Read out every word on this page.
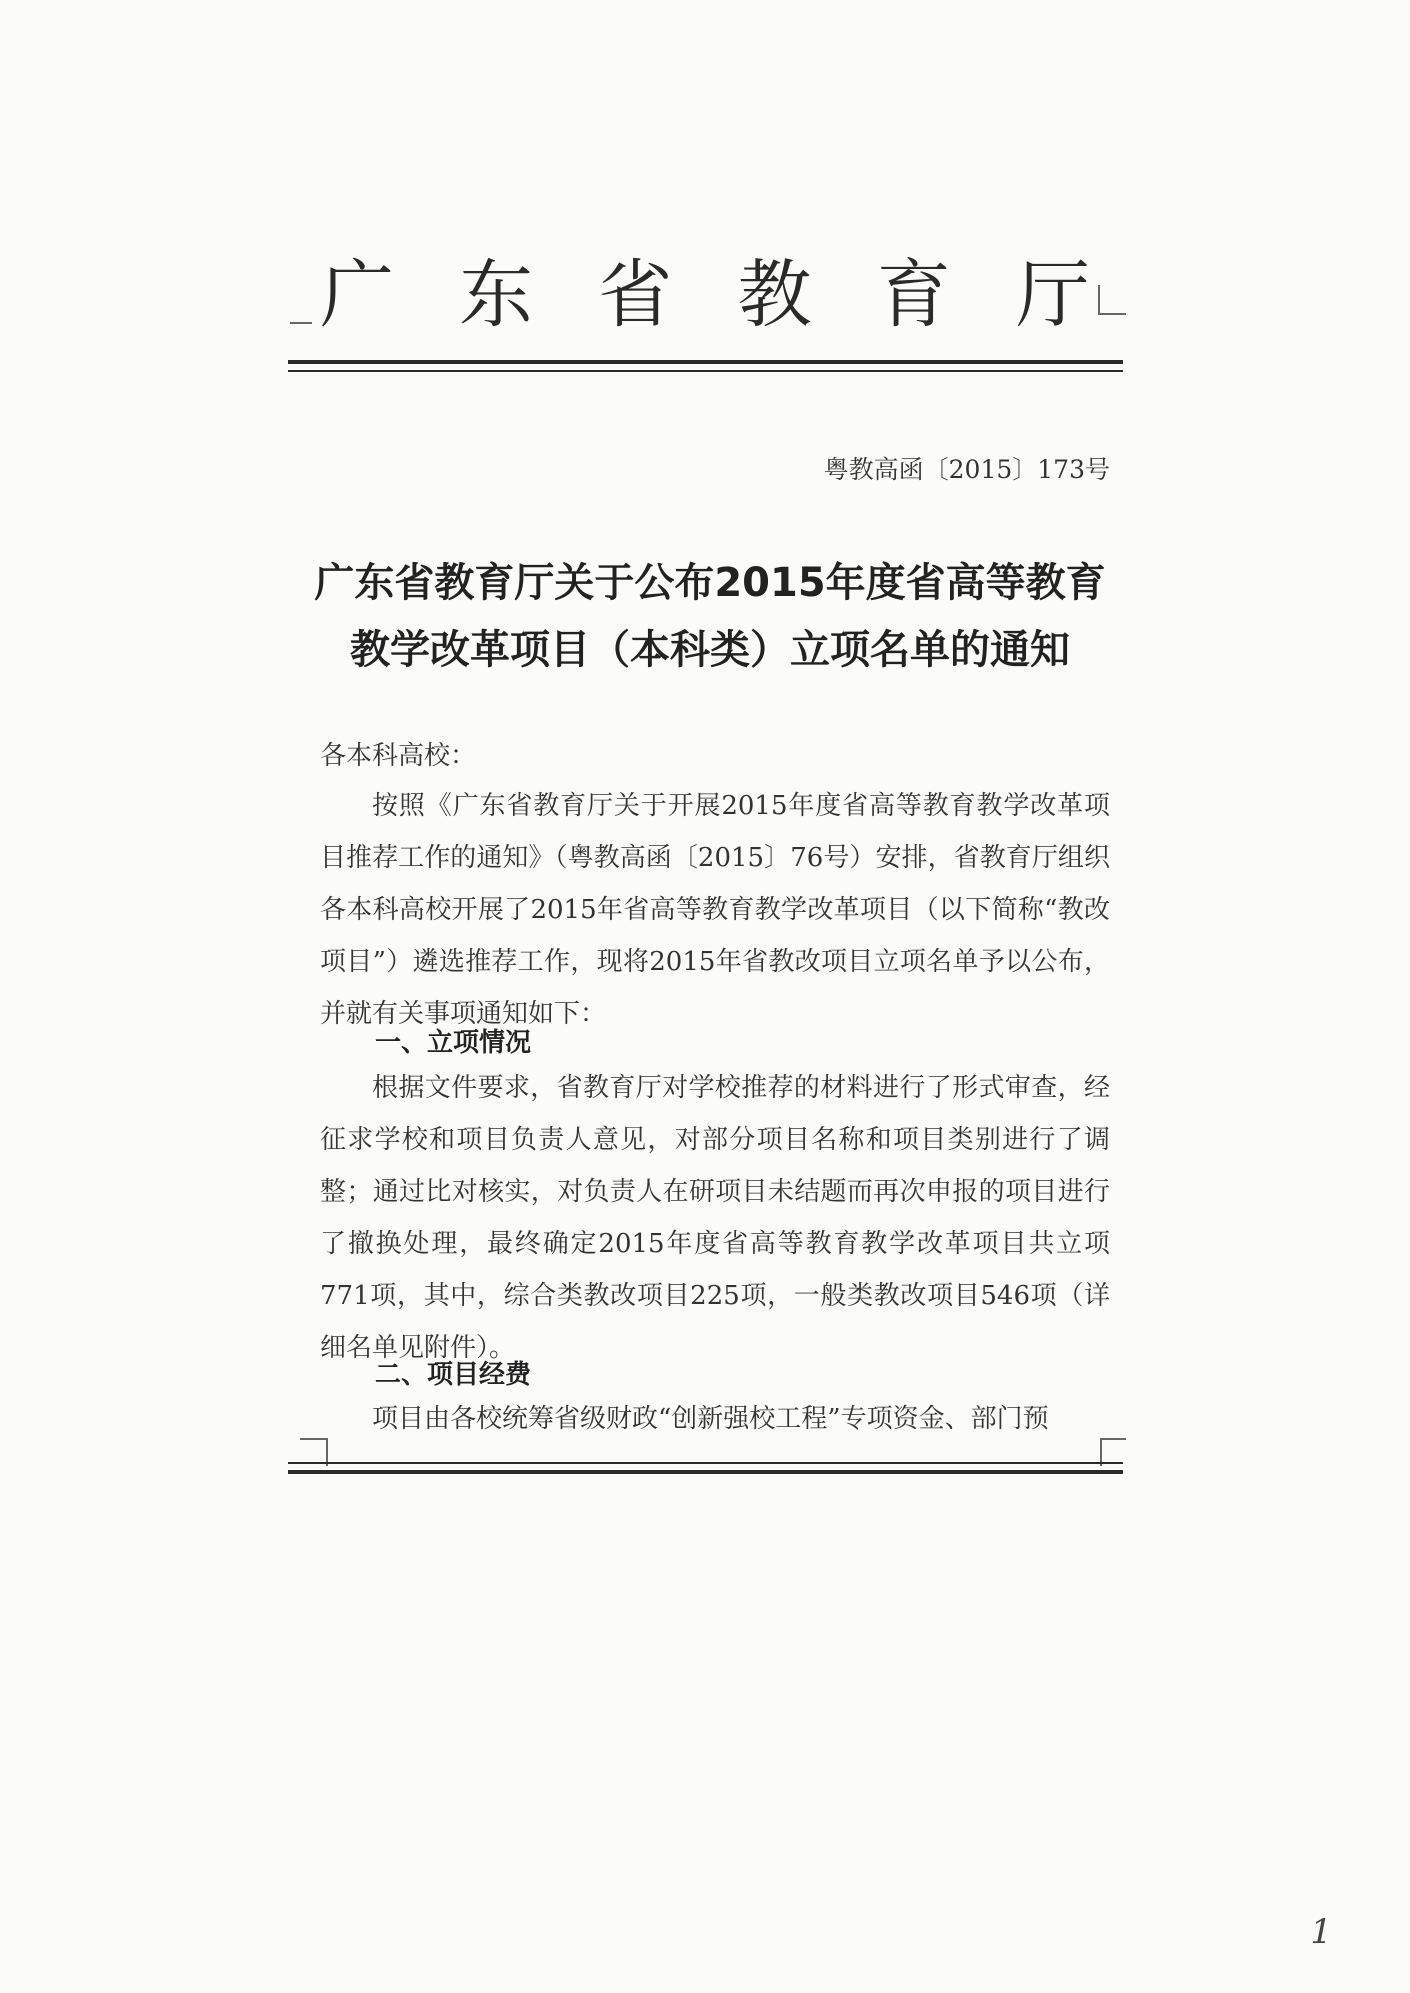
广 东 省 教 育 厅
粤教高函〔2015〕173号
广东省教育厅关于公布2015年度省高等教育
教学改革项目（本科类）立项名单的通知
各本科高校：
按照《广东省教育厅关于开展2015年度省高等教育教学改革项目推荐工作的通知》（粤教高函〔2015〕76号）安排，省教育厅组织各本科高校开展了2015年省高等教育教学改革项目（以下简称“教改项目”）遴选推荐工作，现将2015年省教改项目立项名单予以公布，并就有关事项通知如下：
一、立项情况
根据文件要求，省教育厅对学校推荐的材料进行了形式审查，经征求学校和项目负责人意见，对部分项目名称和项目类别进行了调整；通过比对核实，对负责人在研项目未结题而再次申报的项目进行了撤换处理，最终确定2015年度省高等教育教学改革项目共立项771项，其中，综合类教改项目225项，一般类教改项目546项（详细名单见附件）。
二、项目经费
项目由各校统筹省级财政“创新强校工程”专项资金、部门预
1
